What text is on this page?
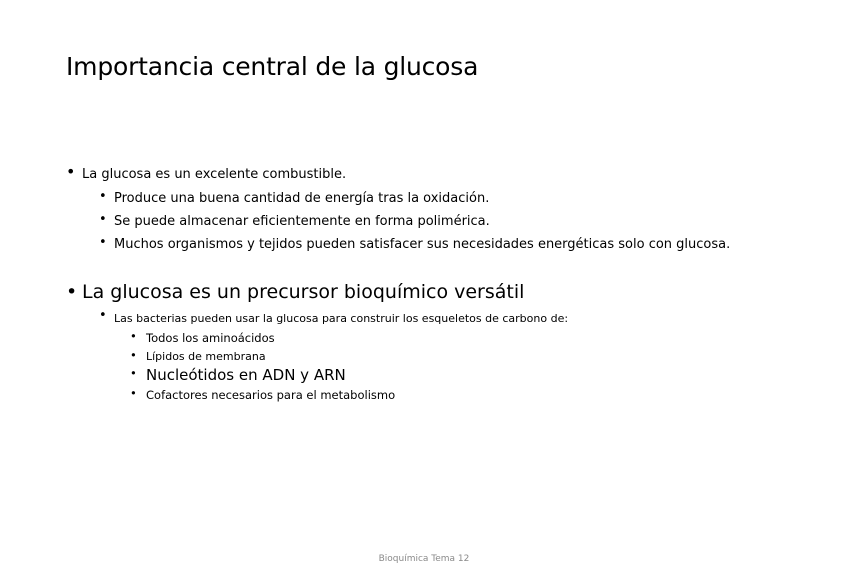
Importancia central de la glucosa
• La glucosa es un excelente combustible.
• Produce una buena cantidad de energía tras la oxidación.
• Se puede almacenar eficientemente en forma polimérica.
• Muchos organismos y tejidos pueden satisfacer sus necesidades energéticas solo con glucosa.
• La glucosa es un precursor bioquímico versátil
• Las bacterias pueden usar la glucosa para construir los esqueletos de carbono de:
• Todos los aminoácidos
• Lípidos de membrana
• Nucleótidos en ADN y ARN
• Cofactores necesarios para el metabolismo
Bioquímica Tema 12
